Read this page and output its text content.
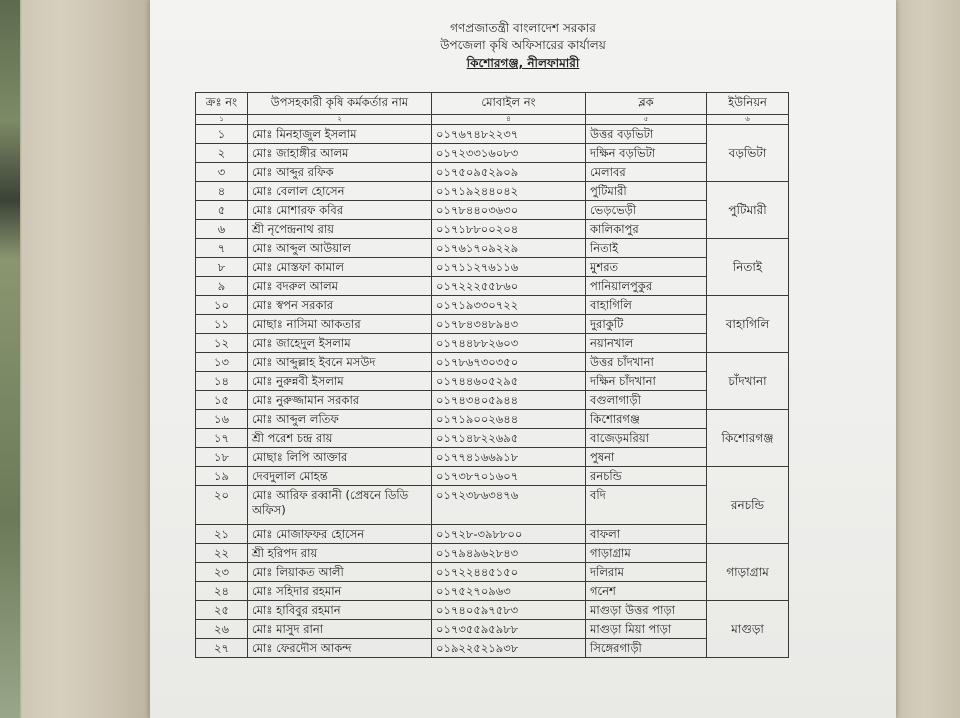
গণপ্রজাতন্ত্রী বাংলাদেশ সরকার
উপজেলা কৃষি অফিসারের কার্যালয়
কিশোরগঞ্জ, নীলফামারী
ক্রঃ নং	উপসহকারী কৃষি কর্মকর্তার নাম	মোবাইল নং	ব্লক	ইউনিয়ন
১	২	৪	৫	৬
১	মোঃ মিনহাজুল ইসলাম	০১৭৬৭৪৮২২৩৭	উত্তর বড়ভিটা	বড়ভিটা
২	মোঃ জাহাঙ্গীর আলম	০১৭২৩৩১৬০৮৩	দক্ষিন বড়ভিটা	
৩	মোঃ আব্দুর রফিক	০১৭৫০৯৫২৯০৯	মেলাবর	
৪	মোঃ বেলাল হোসেন	০১৭১৯২৪৪০৪২	পুটিমারী	পুটিমারী
৫	মোঃ মোশারফ কবির	০১৭৮৪৪০৩৬৩০	ভেড়ভেড়ী	
৬	শ্রী নৃপেন্দ্রনাথ রায়	০১৭১৮৮০০২০৪	কালিকাপুর	
৭	মোঃ আব্দুল আউয়াল	০১৭৬১৭০৯২২৯	নিতাই	নিতাই
৮	মোঃ মোস্তফা কামাল	০১৭১১২৭৬১১৬	মুশরত	
৯	মোঃ বদরুল আলম	০১৭২২২৫৫৮৬০	পানিয়ালপুকুর	
১০	মোঃ স্বপন সরকার	০১৭১৯৩৩০৭২২	বাহাগিলি	বাহাগিলি
১১	মোছাঃ নাসিমা আকতার	০১৭৮৪৩৪৮৯৪৩	দুরাকুটি	
১২	মোঃ জাহেদুল ইসলাম	০১৭৪৪৮৮২৬০৩	নয়ানখাল	
১৩	মোঃ আব্দুল্লাহ ইবনে মসউদ	০১৭৮৬৭৩০৩৫০	উত্তর চাঁদখানা	চাঁদখানা
১৪	মোঃ নুরুন্নবী ইসলাম	০১৭৪৪৬০৫২৯৫	দক্ষিন চাঁদখানা	
১৫	মোঃ নুরুজ্জামান সরকার	০১৭৪৩৪০৫৯৪৪	বগুলাগাড়ী	
১৬	মোঃ আব্দুল লতিফ	০১৭১৯০০২৬৪৪	কিশোরগঞ্জ	কিশোরগঞ্জ
১৭	শ্রী পরেশ চন্দ্র রায়	০১৭১৪৮২২৬৯৫	বাজেড়মরিয়া	
১৮	মোছাঃ লিপি আক্তার	০১৭৭৪১৬৬৯১৮	পুষনা	
১৯	দেবদুলাল মোহন্ত	০১৭৩৮৭০১৬০৭	রনচন্ডি	রনচন্ডি
২০	মোঃ আরিফ রব্বানী (প্রেষনে ডিডি অফিস)	০১৭২৩৮৬৩৪৭৬	বদি	
২১	মোঃ মোজাফফর হোসেন	০১৭২৮-৩৯৮৮০০	বাফলা	
২২	শ্রী হরিপদ রায়	০১৭৯৪৯৬২৮৪৩	গাড়াগ্রাম	গাড়াগ্রাম
২৩	মোঃ লিয়াকত আলী	০১৭২২৪৪৫১৫০	দলিরাম	
২৪	মোঃ সহিদার রহমান	০১৭৫২৭০৯৬৩	গনেশ	
২৫	মোঃ হাবিবুর রহমান	০১৭৪০৫৯৭৫৮৩	মাগুড়া উত্তর পাড়া	মাগুড়া
২৬	মোঃ মাসুদ রানা	০১৭৩৫৫৯৫৯৮৮	মাগুড়া মিয়া পাড়া	
২৭	মোঃ ফেরদৌস আকন্দ	০১৯২২৫২১৯৩৮	সিঙ্গেরগাড়ী	
